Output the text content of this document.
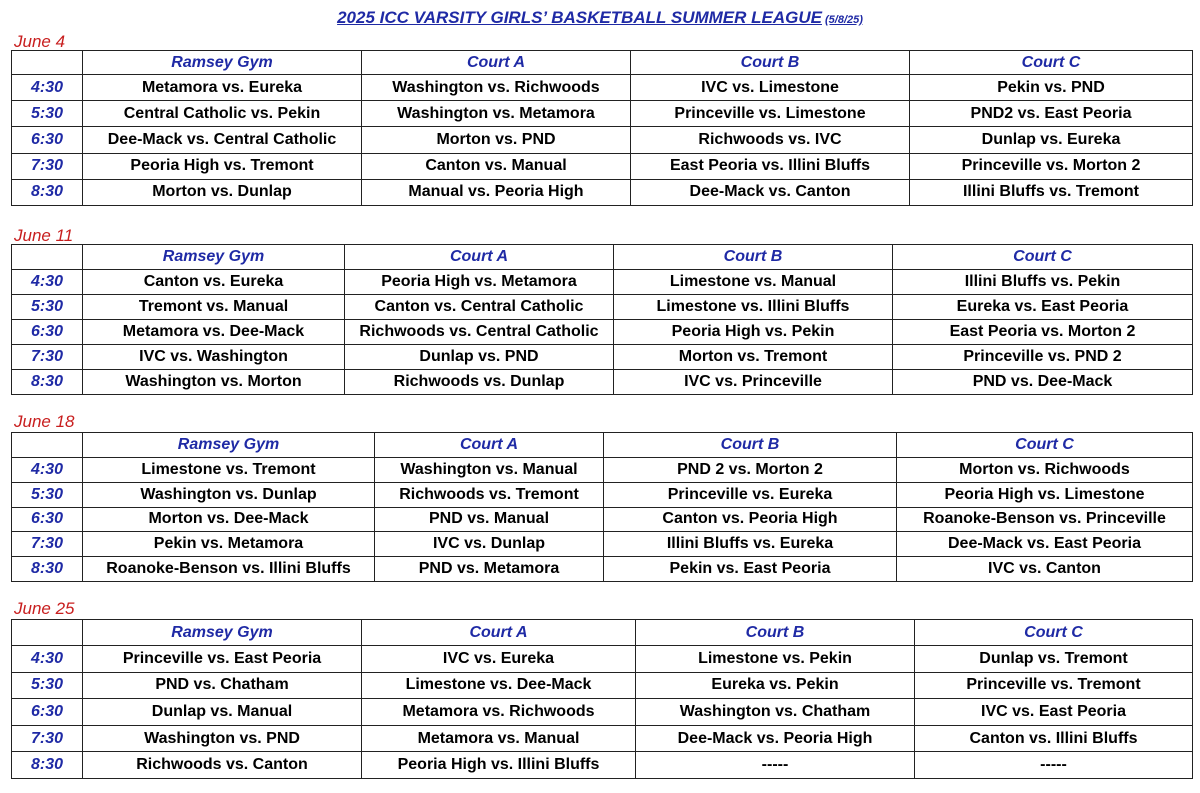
2025 ICC VARSITY GIRLS’ BASKETBALL SUMMER LEAGUE (5/8/25)
June 4
	Ramsey Gym	Court A	Court B	Court C
4:30	Metamora vs. Eureka	Washington vs. Richwoods	IVC vs. Limestone	Pekin vs. PND
5:30	Central Catholic vs. Pekin	Washington vs. Metamora	Princeville vs. Limestone	PND2 vs. East Peoria
6:30	Dee-Mack vs. Central Catholic	Morton vs. PND	Richwoods vs. IVC	Dunlap vs. Eureka
7:30	Peoria High vs. Tremont	Canton vs. Manual	East Peoria vs. Illini Bluffs	Princeville vs. Morton 2
8:30	Morton vs. Dunlap	Manual vs. Peoria High	Dee-Mack vs. Canton	Illini Bluffs vs. Tremont
June 11
	Ramsey Gym	Court A	Court B	Court C
4:30	Canton vs. Eureka	Peoria High vs. Metamora	Limestone vs. Manual	Illini Bluffs vs. Pekin
5:30	Tremont vs. Manual	Canton vs. Central Catholic	Limestone vs. Illini Bluffs	Eureka vs. East Peoria
6:30	Metamora vs. Dee-Mack	Richwoods vs. Central Catholic	Peoria High vs. Pekin	East Peoria vs. Morton 2
7:30	IVC vs. Washington	Dunlap vs. PND	Morton vs. Tremont	Princeville vs. PND 2
8:30	Washington vs. Morton	Richwoods vs. Dunlap	IVC vs. Princeville	PND vs. Dee-Mack
June 18
	Ramsey Gym	Court A	Court B	Court C
4:30	Limestone vs. Tremont	Washington vs. Manual	PND 2 vs. Morton 2	Morton vs. Richwoods
5:30	Washington vs. Dunlap	Richwoods vs. Tremont	Princeville vs. Eureka	Peoria High vs. Limestone
6:30	Morton vs. Dee-Mack	PND vs. Manual	Canton vs. Peoria High	Roanoke-Benson vs. Princeville
7:30	Pekin vs. Metamora	IVC vs. Dunlap	Illini Bluffs vs. Eureka	Dee-Mack vs. East Peoria
8:30	Roanoke-Benson vs. Illini Bluffs	PND vs. Metamora	Pekin vs. East Peoria	IVC vs. Canton
June 25
	Ramsey Gym	Court A	Court B	Court C
4:30	Princeville vs. East Peoria	IVC vs. Eureka	Limestone vs. Pekin	Dunlap vs. Tremont
5:30	PND vs. Chatham	Limestone vs. Dee-Mack	Eureka vs. Pekin	Princeville vs. Tremont
6:30	Dunlap vs. Manual	Metamora vs. Richwoods	Washington vs. Chatham	IVC vs. East Peoria
7:30	Washington vs. PND	Metamora vs. Manual	Dee-Mack vs. Peoria High	Canton vs. Illini Bluffs
8:30	Richwoods vs. Canton	Peoria High vs. Illini Bluffs	-----	-----
